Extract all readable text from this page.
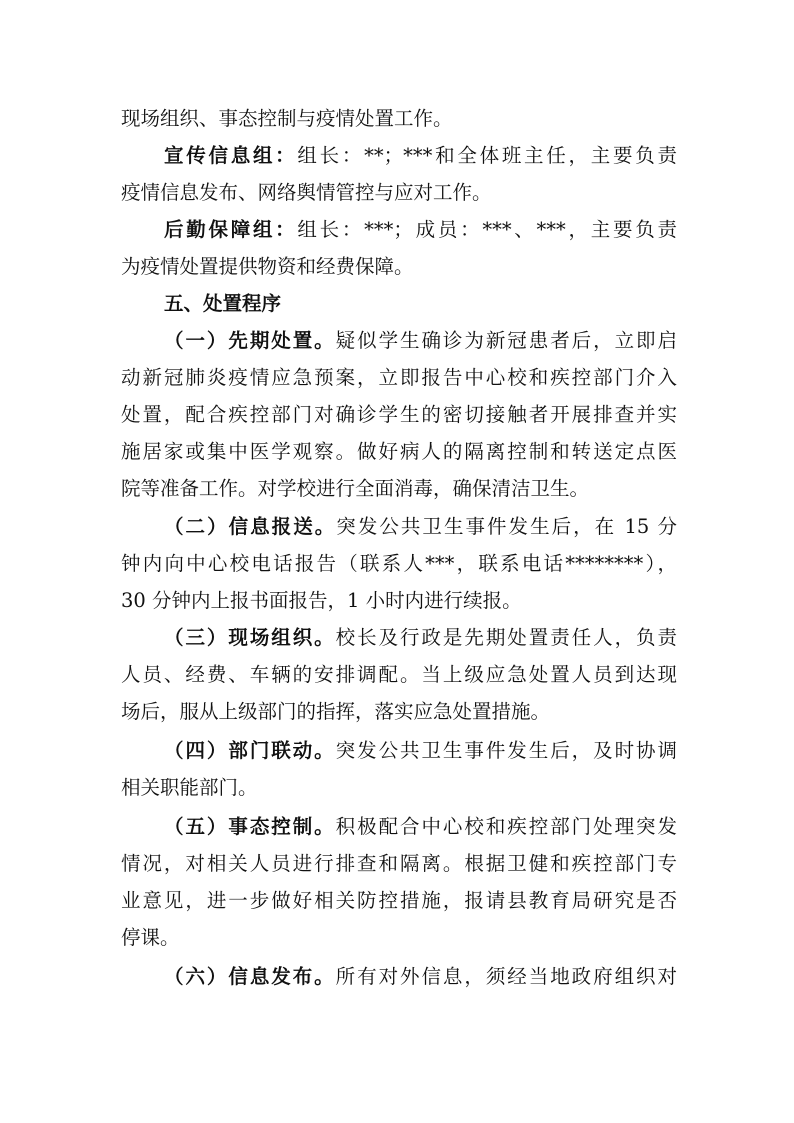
现场组织、事态控制与疫情处置工作。
宣传信息组：组长：**；***和全体班主任，主要负责
疫情信息发布、网络舆情管控与应对工作。
后勤保障组：组长：***；成员：***、***，主要负责
为疫情处置提供物资和经费保障。
五、处置程序
（一）先期处置。疑似学生确诊为新冠患者后，立即启
动新冠肺炎疫情应急预案，立即报告中心校和疾控部门介入
处置，配合疾控部门对确诊学生的密切接触者开展排查并实
施居家或集中医学观察。做好病人的隔离控制和转送定点医
院等准备工作。对学校进行全面消毒，确保清洁卫生。
（二）信息报送。突发公共卫生事件发生后，在 15 分
钟内向中心校电话报告（联系人***，联系电话********），
30 分钟内上报书面报告，1 小时内进行续报。
（三）现场组织。校长及行政是先期处置责任人，负责
人员、经费、车辆的安排调配。当上级应急处置人员到达现
场后，服从上级部门的指挥，落实应急处置措施。
（四）部门联动。突发公共卫生事件发生后，及时协调
相关职能部门。
（五）事态控制。积极配合中心校和疾控部门处理突发
情况，对相关人员进行排查和隔离。根据卫健和疾控部门专
业意见，进一步做好相关防控措施，报请县教育局研究是否
停课。
（六）信息发布。所有对外信息，须经当地政府组织对
